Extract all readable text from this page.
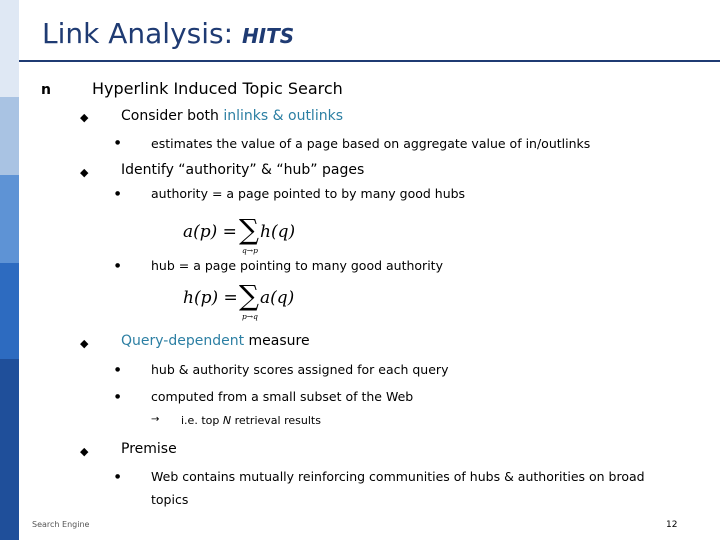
Link Analysis: HITS
n	Hyperlink Induced Topic Search
◆ Consider both inlinks & outlinks
● estimates the value of a page based on aggregate value of in/outlinks
◆ Identify “authority” & “hub” pages
● authority = a page pointed to by many good hubs
a(p) = ∑
q→p
h(q)
● hub = a page pointing to many good authority
h(p) = ∑
p→q
a(q)
◆ Query-dependent measure
● hub & authority scores assigned for each query
● computed from a small subset of the Web
→ i.e. top N retrieval results
◆ Premise
● Web contains mutually reinforcing communities of hubs & authorities on broad
topics
Search Engine	12
